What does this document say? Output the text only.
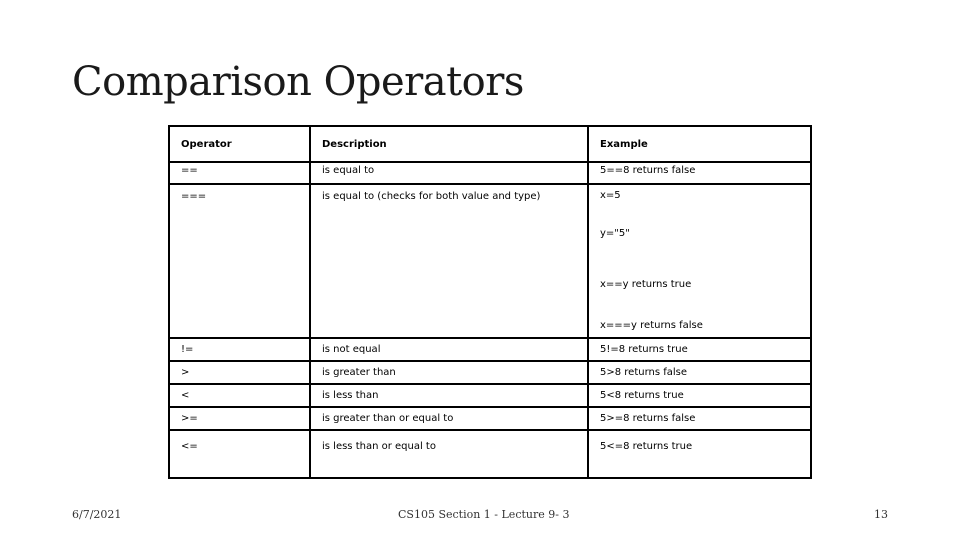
Comparison Operators
Operator	Description	Example
==	is equal to	5==8 returns false
===	is equal to (checks for both value and type)	x=5
y="5"
x==y returns true
x===y returns false

!=	is not equal	5!=8 returns true
>	is greater than	5>8 returns false
<	is less than	5<8 returns true
>=	is greater than or equal to	5>=8 returns false
<=	is less than or equal to	5<=8 returns true
6/7/2021	CS105 Section 1 - Lecture 9- 3	13
